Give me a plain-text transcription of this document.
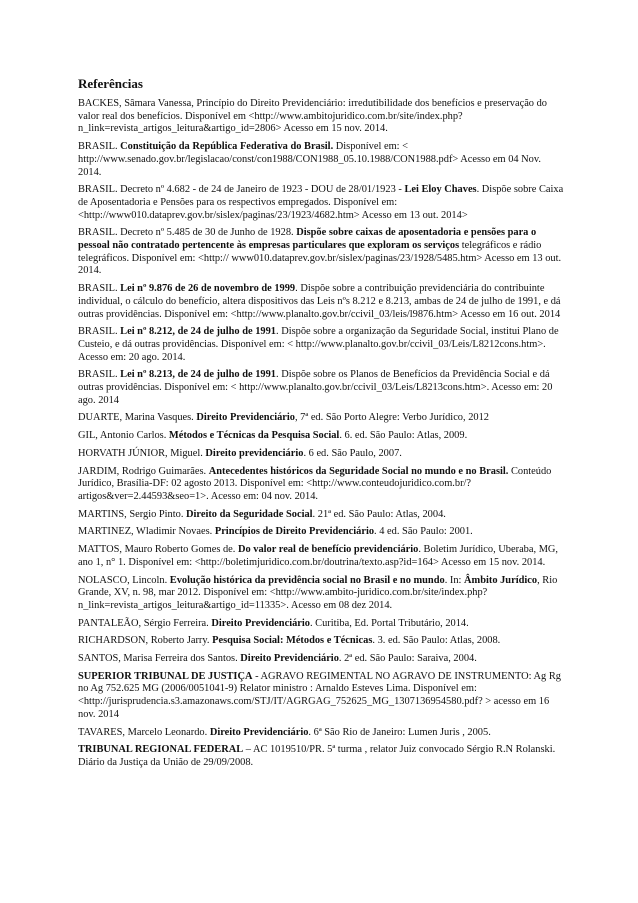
Referências

BACKES, Sâmara Vanessa, Princípio do Direito Previdenciário: irredutibilidade dos benefícios e preservação do valor real dos benefícios. Disponível em <http://www.ambitojuridico.com.br/site/index.php?n_link=revista_artigos_leitura&artigo_id=2806> Acesso em 15 nov. 2014.

BRASIL. Constituição da República Federativa do Brasil. Disponível em: < http://www.senado.gov.br/legislacao/const/con1988/CON1988_05.10.1988/CON1988.pdf> Acesso em 04 Nov. 2014.

BRASIL. Decreto nº 4.682 - de 24 de Janeiro de 1923 - DOU de 28/01/1923 - Lei Eloy Chaves. Dispõe sobre Caixa de Aposentadoria e Pensões para os respectivos empregados. Disponível em: <http://www010.dataprev.gov.br/sislex/paginas/23/1923/4682.htm> Acesso em 13 out. 2014>

BRASIL. Decreto nº 5.485 de 30 de Junho de 1928. Dispõe sobre caixas de aposentadoria e pensões para o pessoal não contratado pertencente às empresas particulares que exploram os serviços telegráficos e rádio telegráficos. Disponível em: <http:// www010.dataprev.gov.br/sislex/paginas/23/1928/5485.htm> Acesso em 13 out. 2014.

BRASIL. Lei nº 9.876 de 26 de novembro de 1999. Dispõe sobre a contribuição previdenciária do contribuinte individual, o cálculo do benefício, altera dispositivos das Leis nºs 8.212 e 8.213, ambas de 24 de julho de 1991, e dá outras providências. Disponível em: <http://www.planalto.gov.br/ccivil_03/leis/l9876.htm> Acesso em 16 out. 2014

BRASIL. Lei nº 8.212, de 24 de julho de 1991. Dispõe sobre a organização da Seguridade Social, institui Plano de Custeio, e dá outras providências. Disponível em: < http://www.planalto.gov.br/ccivil_03/Leis/L8212cons.htm>. Acesso em: 20 ago. 2014.

BRASIL. Lei nº 8.213, de 24 de julho de 1991. Dispõe sobre os Planos de Benefícios da Previdência Social e dá outras providências. Disponível em: < http://www.planalto.gov.br/ccivil_03/Leis/L8213cons.htm>. Acesso em: 20 ago. 2014

DUARTE, Marina Vasques. Direito Previdenciário, 7ª ed. São Porto Alegre: Verbo Jurídico, 2012

GIL, Antonio Carlos. Métodos e Técnicas da Pesquisa Social. 6. ed. São Paulo: Atlas, 2009.

HORVATH JÚNIOR, Miguel. Direito previdenciário. 6 ed. São Paulo, 2007.

JARDIM, Rodrigo Guimarães. Antecedentes históricos da Seguridade Social no mundo e no Brasil. Conteúdo Jurídico, Brasília-DF: 02 agosto 2013. Disponível em: <http://www.conteudojuridico.com.br/?artigos&ver=2.44593&seo=1>. Acesso em: 04 nov. 2014.

MARTINS, Sergio Pinto. Direito da Seguridade Social. 21ª ed. São Paulo: Atlas, 2004.

MARTINEZ, Wladimir Novaes. Princípios de Direito Previdenciário. 4 ed. São Paulo: 2001.

MATTOS, Mauro Roberto Gomes de. Do valor real de benefício previdenciário. Boletim Jurídico, Uberaba, MG, ano 1, n° 1. Disponível em: <http://boletimjuridico.com.br/doutrina/texto.asp?id=164> Acesso em 15 nov. 2014.

NOLASCO, Lincoln. Evolução histórica da previdência social no Brasil e no mundo. In: Âmbito Jurídico, Rio Grande, XV, n. 98, mar 2012. Disponível em: <http://www.ambito-juridico.com.br/site/index.php?n_link=revista_artigos_leitura&artigo_id=11335>. Acesso em 08 dez 2014.

PANTALEÃO, Sérgio Ferreira. Direito Previdenciário. Curitiba, Ed. Portal Tributário, 2014.

RICHARDSON, Roberto Jarry. Pesquisa Social: Métodos e Técnicas. 3. ed. São Paulo: Atlas, 2008.

SANTOS, Marisa Ferreira dos Santos. Direito Previdenciário. 2ª ed. São Paulo: Saraiva, 2004.

SUPERIOR TRIBUNAL DE JUSTIÇA - AGRAVO REGIMENTAL NO AGRAVO DE INSTRUMENTO: Ag Rg no Ag 752.625 MG (2006/0051041-9) Relator ministro : Arnaldo Esteves Lima. Disponível em:<http://jurisprudencia.s3.amazonaws.com/STJ/IT/AGRGAG_752625_MG_1307136954580.pdf? > acesso em 16 nov. 2014

TAVARES, Marcelo Leonardo. Direito Previdenciário. 6ª São Rio de Janeiro: Lumen Juris , 2005.

TRIBUNAL REGIONAL FEDERAL – AC 1019510/PR. 5ª turma , relator Juiz convocado Sérgio R.N Rolanski. Diário da Justiça da União de 29/09/2008.
